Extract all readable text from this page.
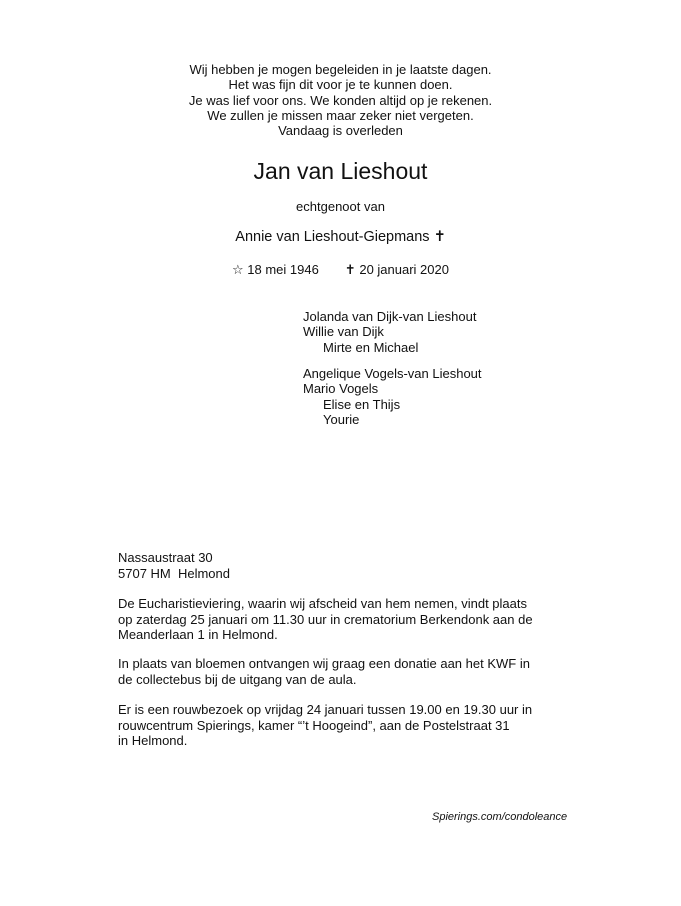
Wij hebben je mogen begeleiden in je laatste dagen.
Het was fijn dit voor je te kunnen doen.
Je was lief voor ons. We konden altijd op je rekenen.
We zullen je missen maar zeker niet vergeten.
Vandaag is overleden
Jan van Lieshout
echtgenoot van
Annie van Lieshout-Giepmans ✝
☆ 18 mei 1946 ✝ 20 januari 2020
Jolanda van Dijk-van Lieshout
Willie van Dijk
Mirte en Michael
Angelique Vogels-van Lieshout
Mario Vogels
Elise en Thijs
Yourie
Nassaustraat 30
5707 HM  Helmond
De Eucharistieviering, waarin wij afscheid van hem nemen, vindt plaats
op zaterdag 25 januari om 11.30 uur in crematorium Berkendonk aan de
Meanderlaan 1 in Helmond.
In plaats van bloemen ontvangen wij graag een donatie aan het KWF in
de collectebus bij de uitgang van de aula.
Er is een rouwbezoek op vrijdag 24 januari tussen 19.00 en 19.30 uur in
rouwcentrum Spierings, kamer “’t Hoogeind”, aan de Postelstraat 31
in Helmond.
Spierings.com/condoleance
